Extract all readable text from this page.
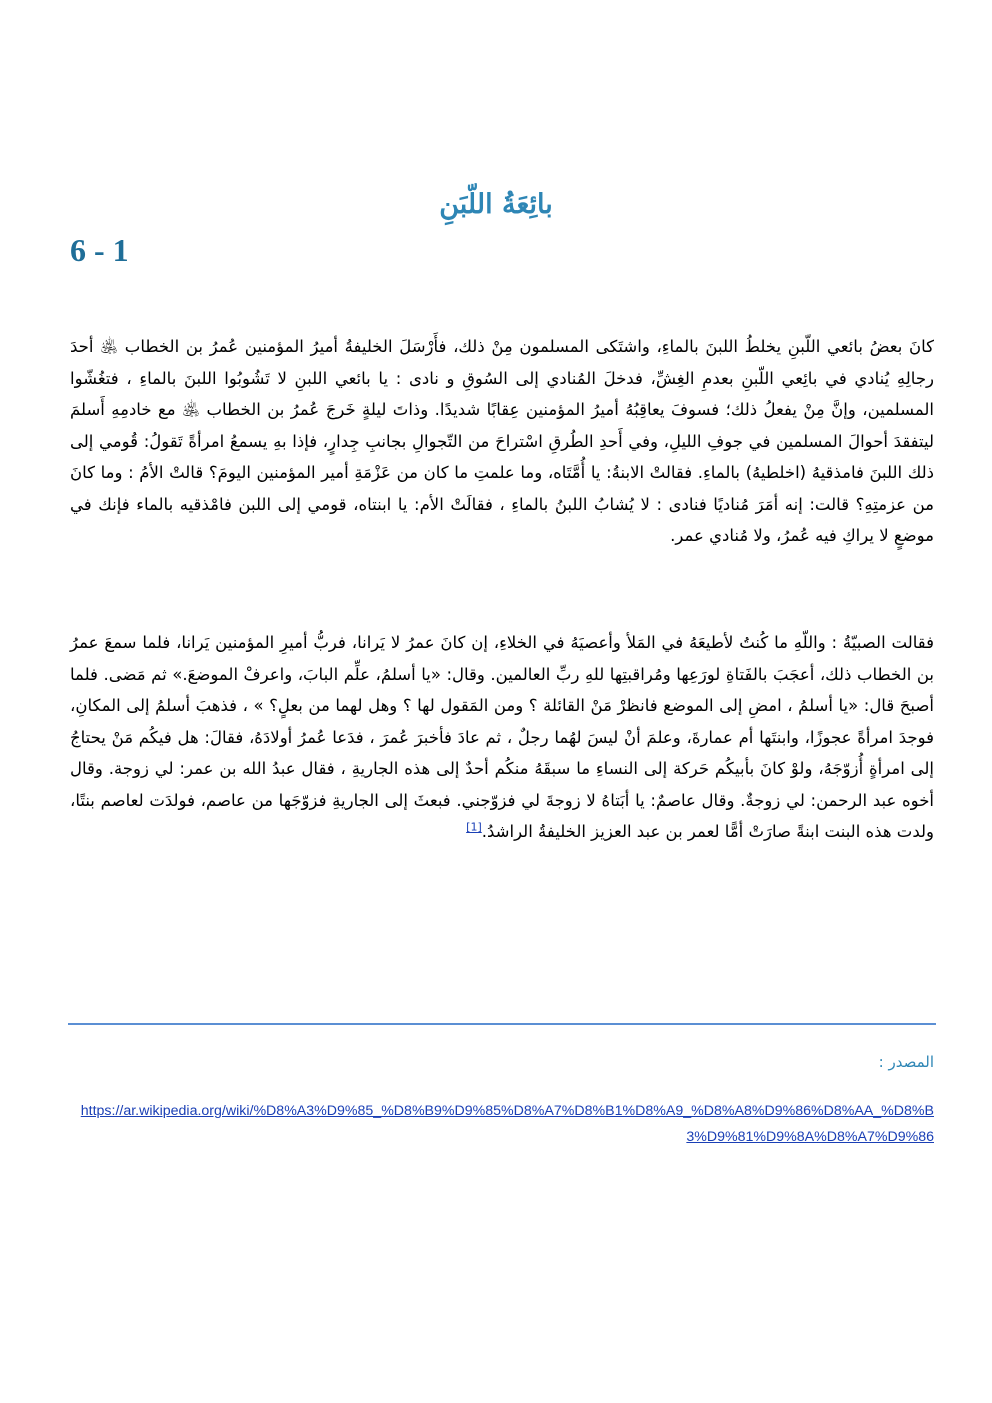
بائِعَةُ اللّبَنِ
6 - 1

كانَ بعضُ بائعي اللّبنِ يخلطُ اللبنَ بالماءِ، واشتَكى المسلمون مِنْ ذلك، فأَرْسَلَ الخليفةُ أميرُ المؤمنين عُمرُ بن الخطاب ﵁ أحدَ رجالِهِ يُنادي في بائِعي اللّبنِ بعدمِ الغِشِّ، فدخلَ المُنادي إلى السُوقِ و نادى : يا بائعي اللبنِ لا تَشُوبُوا اللبنَ بالماءِ ، فتغُشّوا المسلمين، وإنَّ مِنْ يفعلُ ذلك؛ فسوفَ يعاقِبُهُ أميرُ المؤمنين عِقابًا شديدًا. وذاتَ ليلةٍ خَرجَ عُمرُ بن الخطاب ﵁ مع خادمِهِ أَسلمَ ليتفقدَ أحوالَ المسلمين في جوفِ الليلِ، وفي أَحدِ الطُرقِ اسْتراحَ من التّجوالِ بجانبِ جِدارٍ، فإذا بهِ يسمعُ امرأةً تَقولُ: قُومي إلى ذلك اللبنَ فامذقيهُ (اخلطيهُ) بالماءِ. فقالتْ الابنةُ: يا أُمَّتَاه، وما علمتِ ما كان من عَزْمَةِ أمير المؤمنين اليومَ؟ قالتْ الأمُ : وما كانَ من عزمتِهِ؟ قالت: إنه أمَرَ مُناديًا فنادى : لا يُشابُ اللبنُ بالماءِ ، فقالَتْ الأم: يا ابنتاه، قومي إلى اللبن فامْذقيه بالماء فإنك في موضعٍ لا يراكِ فيه عُمرُ، ولا مُنادي عمر.

فقالت الصبيّةُ : واللّهِ ما كُنتُ لأطيعَهُ في المَلأ وأعصيَهُ في الخلاءِ، إن كانَ عمرُ لا يَرانا، فربُّ أميرِ المؤمنين يَرانا، فلما سمعَ عمرُ بن الخطاب ذلك، أعجَبَ بالفَتاةِ لورَعِها ومُراقبتِها للهِ ربِّ العالمين. وقال: «يا أسلمُ، علِّم البابَ، واعرفْ الموضعَ.» ثم مَضى. فلما أصبحَ قال: «يا أسلمُ ، امضِ إلى الموضع فانظرْ مَنْ القائلة ؟ ومن المَقول لها ؟ وهل لهما من بعلٍ؟ » ، فذهبَ أسلمُ إلى المكانِ، فوجدَ امرأةً عجوزًا، وابنتَها أم عمارةَ، وعلمَ أنْ ليسَ لهُما رجلٌ ، ثم عادَ فأخبرَ عُمرَ ، فدَعا عُمرُ أولادَهُ، فقالَ: هل فيكُم مَنْ يحتاجُ إلى امرأةٍ أُزوّجَهُ، ولوْ كانَ بأبيكُم حَركة إلى النساءِ ما سبقَهُ منكُم أحدٌ إلى هذه الجاريةِ ، فقال عبدُ الله بن عمر: لي زوجة. وقال أخوه عبد الرحمن: لي زوجةٌ. وقال عاصمٌ: يا أبَتاهُ لا زوجةَ لي فزوّجني. فبعثَ إلى الجاريةِ فزوّجَها من عاصم، فولدَت لعاصم بنتًا، ولدت هذه البنت ابنةً صارَتْ أمًّا لعمر بن عبد العزيز الخليفةُ الراشدُ.[1]

المصدر :
https://ar.wikipedia.org/wiki/%D8%A3%D9%85_%D8%B9%D9%85%D8%A7%D8%B1%D8%A9_%D8%A8%D9%86%D8%AA_%D8%B3%D9%81%D9%8A%D8%A7%D9%86
